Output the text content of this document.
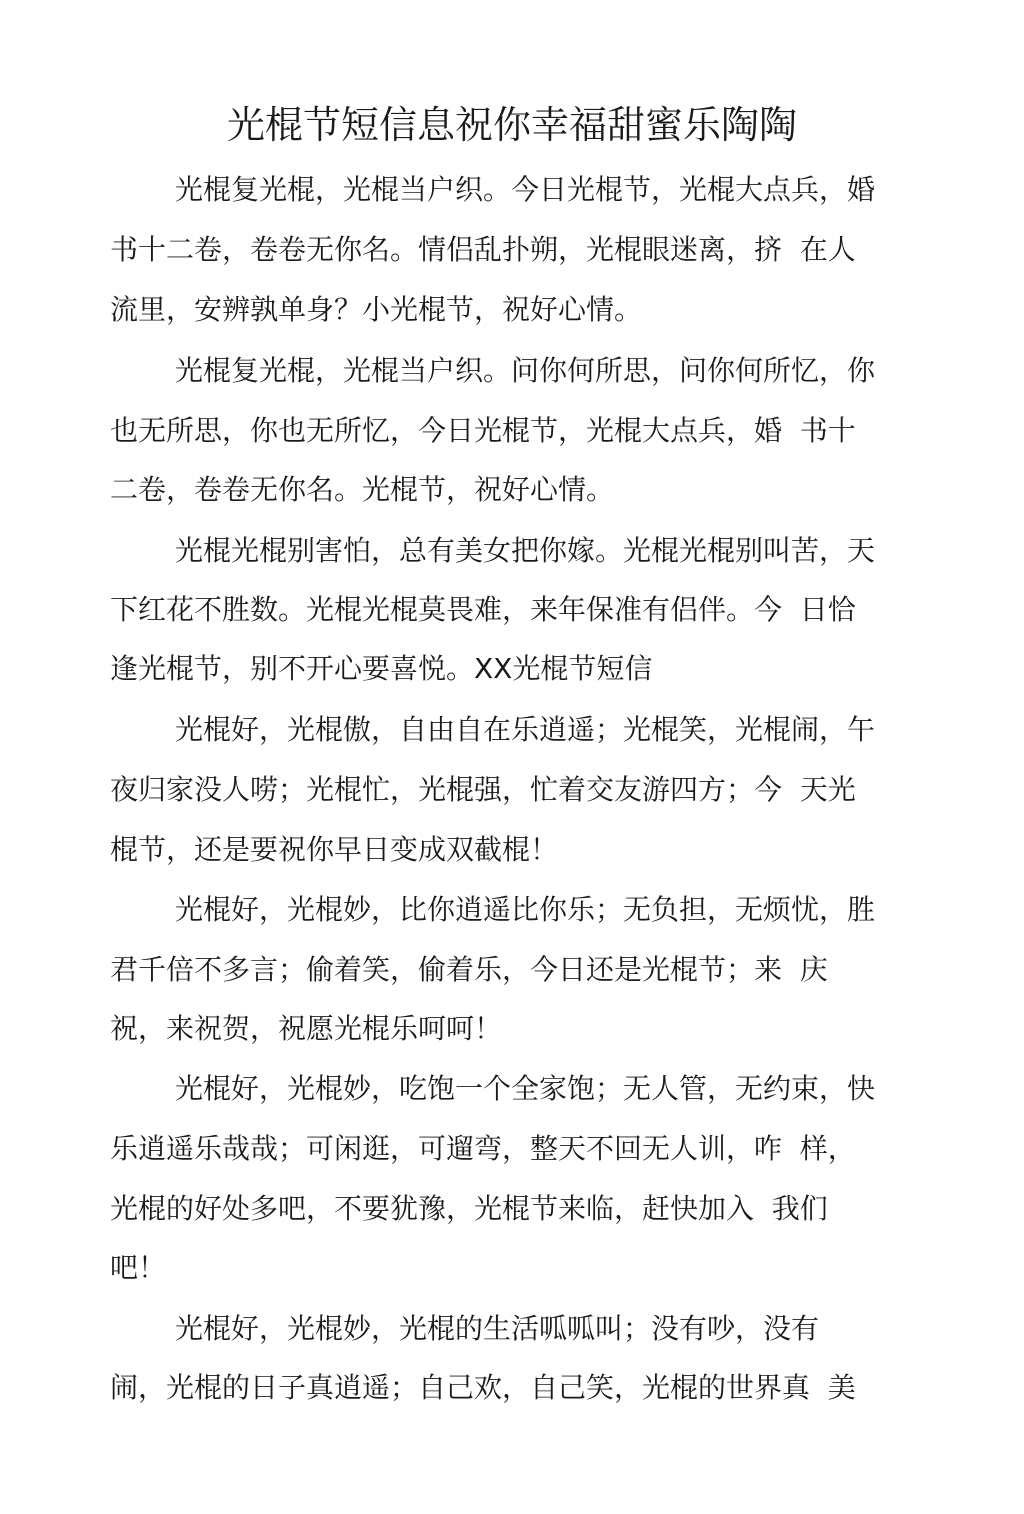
光棍节短信息祝你幸福甜蜜乐陶陶

光棍复光棍，光棍当户织。今日光棍节，光棍大点兵，婚

书十二卷，卷卷无你名。情侣乱扑朔，光棍眼迷离，挤  在人

流里，安辨孰单身？小光棍节，祝好心情。

光棍复光棍，光棍当户织。问你何所思，问你何所忆，你

也无所思，你也无所忆，今日光棍节，光棍大点兵，婚  书十

二卷，卷卷无你名。光棍节，祝好心情。

光棍光棍别害怕，总有美女把你嫁。光棍光棍别叫苦，天

下红花不胜数。光棍光棍莫畏难，来年保准有侣伴。今  日恰

逢光棍节，别不开心要喜悦。XX光棍节短信

光棍好，光棍傲，自由自在乐逍遥；光棍笑，光棍闹，午

夜归家没人唠；光棍忙，光棍强，忙着交友游四方；今  天光

棍节，还是要祝你早日变成双截棍！

光棍好，光棍妙，比你逍遥比你乐；无负担，无烦忧，胜

君千倍不多言；偷着笑，偷着乐，今日还是光棍节；来  庆

祝，来祝贺，祝愿光棍乐呵呵！

光棍好，光棍妙，吃饱一个全家饱；无人管，无约束，快

乐逍遥乐哉哉；可闲逛，可遛弯，整天不回无人训，咋  样，

光棍的好处多吧，不要犹豫，光棍节来临，赶快加入  我们

吧！

光棍好，光棍妙，光棍的生活呱呱叫；没有吵，没有

闹，光棍的日子真逍遥；自己欢，自己笑，光棍的世界真  美
